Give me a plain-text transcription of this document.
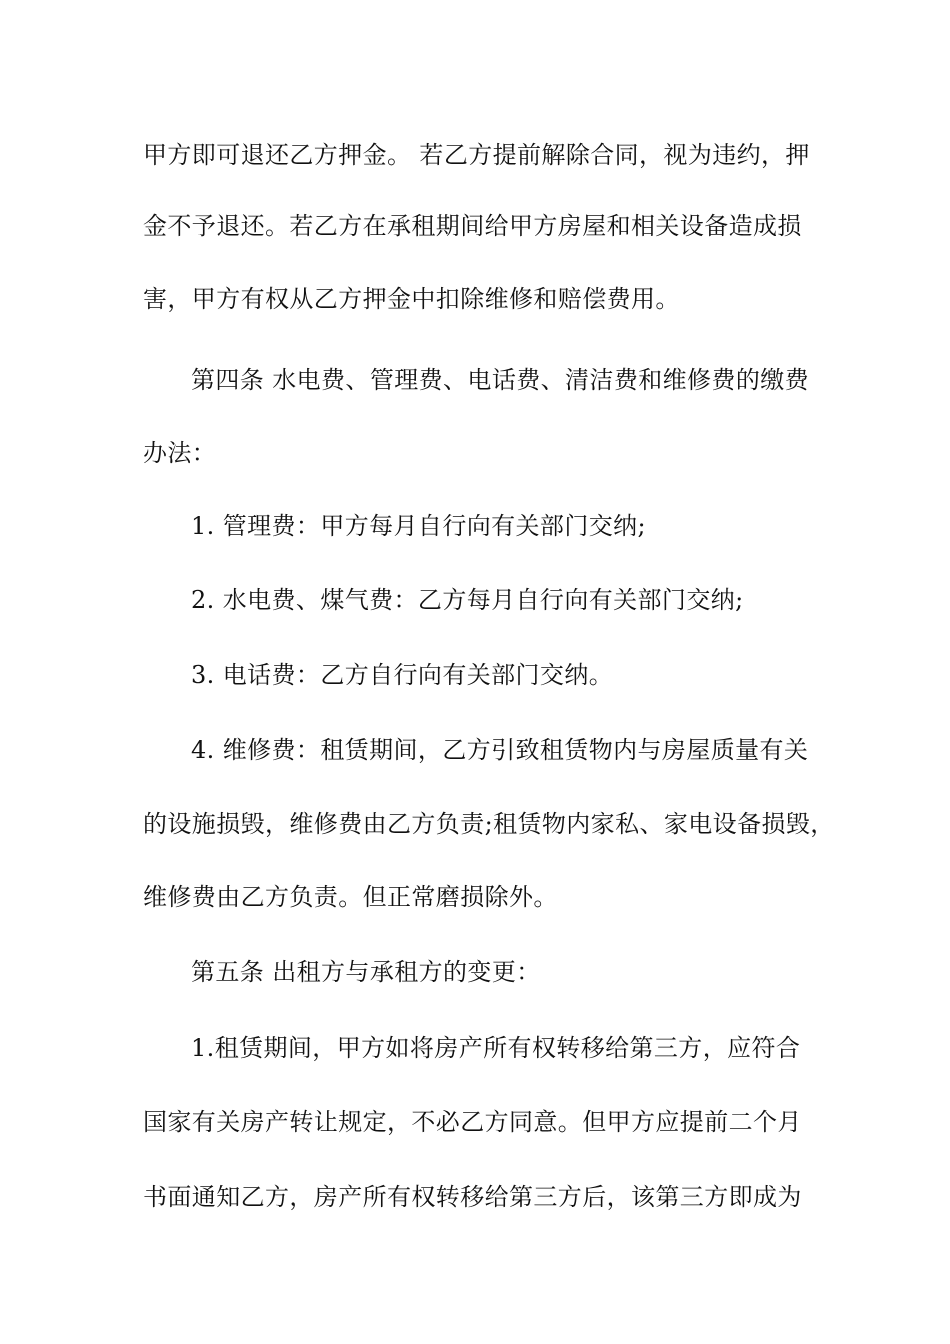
甲方即可退还乙方押金。 若乙方提前解除合同，视为违约，押
金不予退还。若乙方在承租期间给甲方房屋和相关设备造成损
害，甲方有权从乙方押金中扣除维修和赔偿费用。
第四条 水电费、管理费、电话费、清洁费和维修费的缴费
办法：
1. 管理费：甲方每月自行向有关部门交纳;
2. 水电费、煤气费：乙方每月自行向有关部门交纳;
3. 电话费：乙方自行向有关部门交纳。
4. 维修费：租赁期间，乙方引致租赁物内与房屋质量有关
的设施损毁，维修费由乙方负责;租赁物内家私、家电设备损毁，
维修费由乙方负责。但正常磨损除外。
第五条 出租方与承租方的变更：
1.租赁期间，甲方如将房产所有权转移给第三方，应符合
国家有关房产转让规定，不必乙方同意。但甲方应提前二个月
书面通知乙方，房产所有权转移给第三方后，该第三方即成为
